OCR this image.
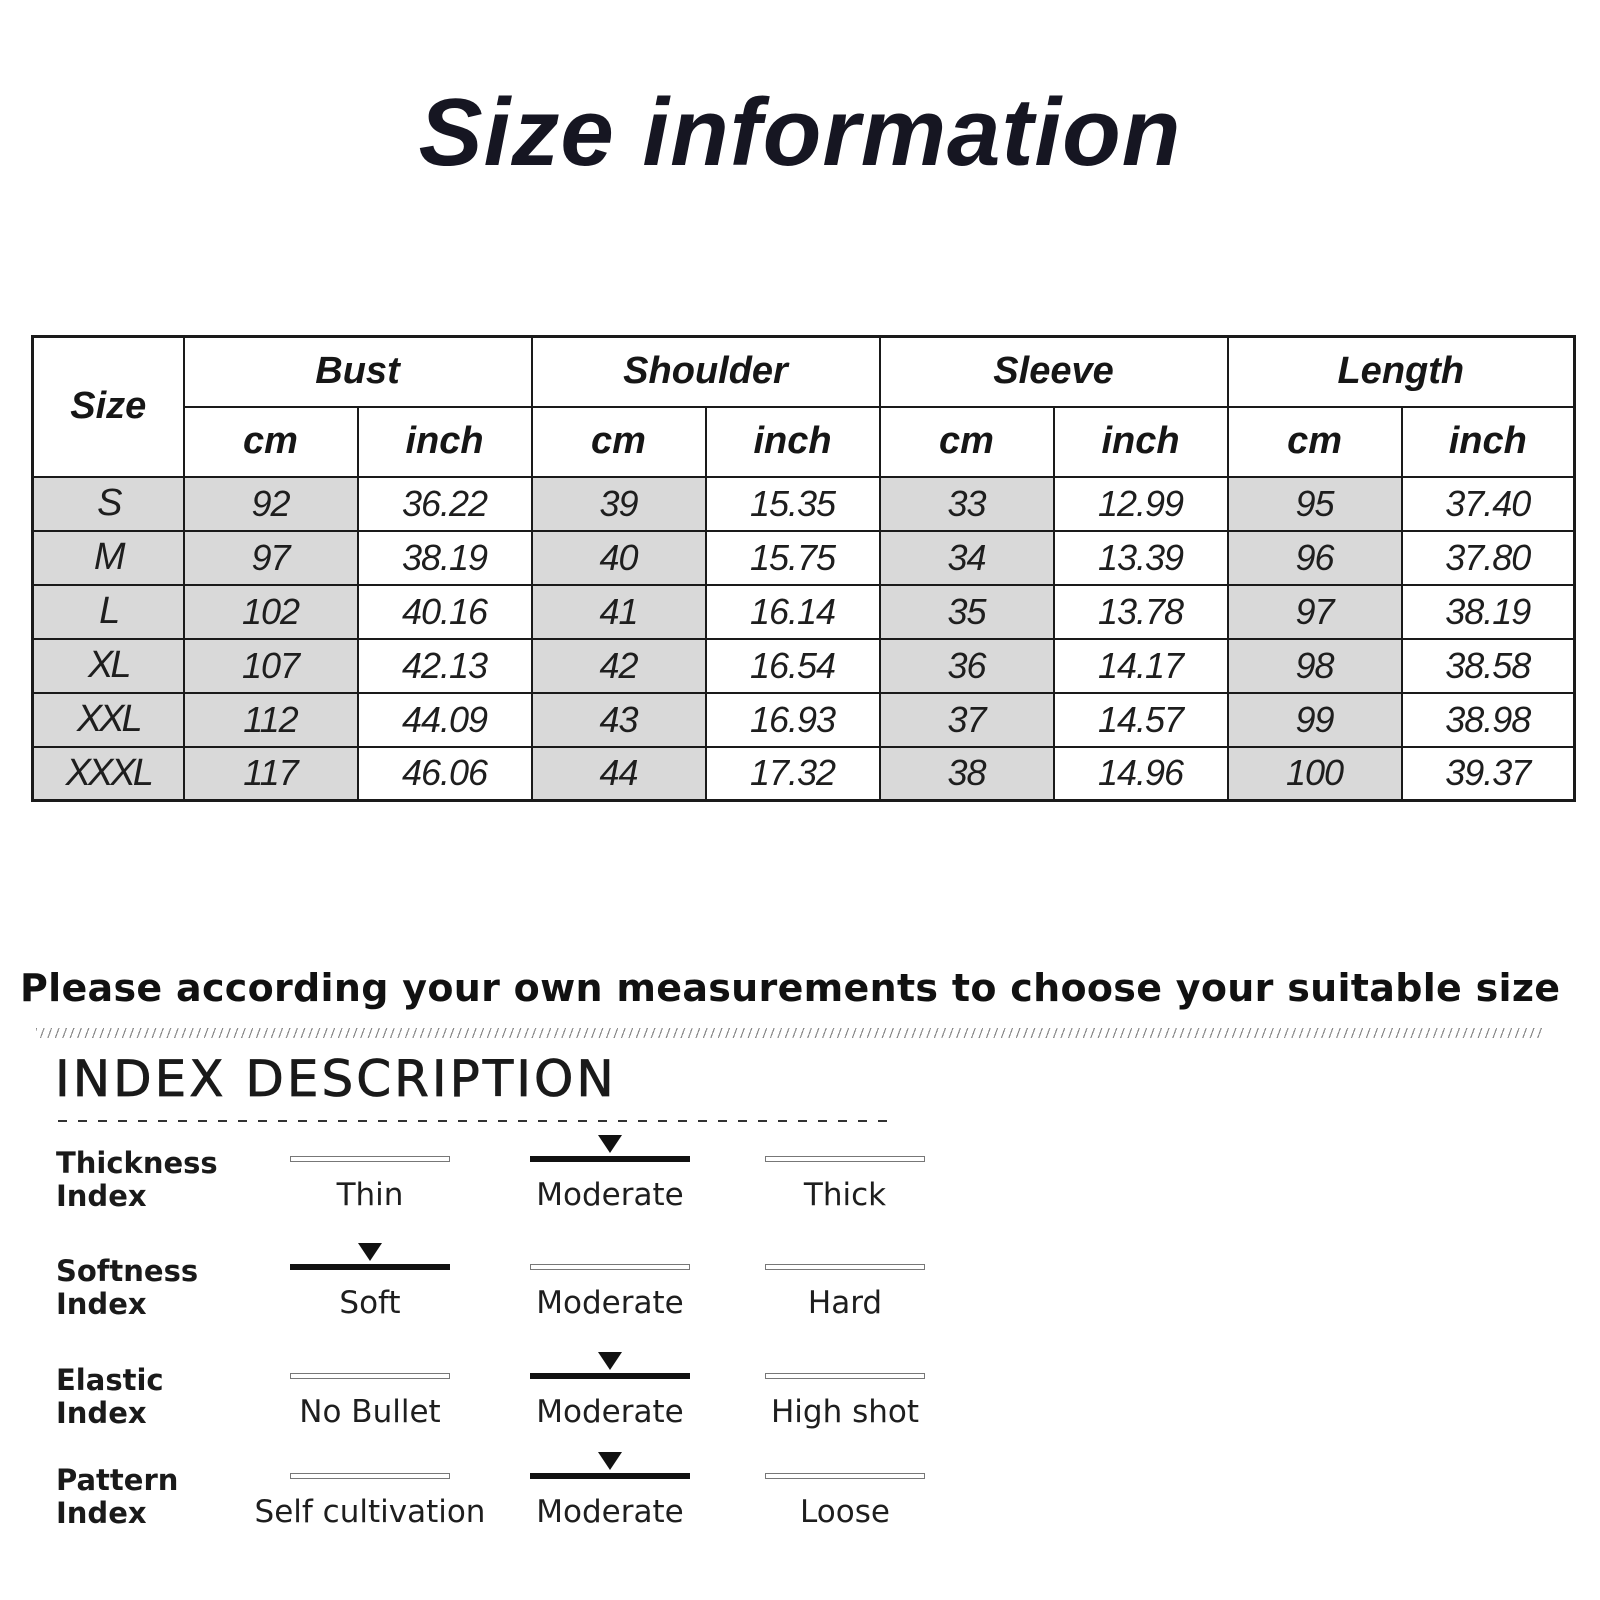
Size information
Size	Bust		Shoulder		Sleeve		Length	
	cm	inch	cm	inch	cm	inch	cm	inch
S	92	36.22	39	15.35	33	12.99	95	37.40
M	97	38.19	40	15.75	34	13.39	96	37.80
L	102	40.16	41	16.14	35	13.78	97	38.19
XL	107	42.13	42	16.54	36	14.17	98	38.58
XXL	112	44.09	43	16.93	37	14.57	99	38.98
XXXL	117	46.06	44	17.32	38	14.96	100	39.37
Please according your own measurements to choose your suitable size
INDEX DESCRIPTION
Thickness
Index	Thin	Moderate	Thick
Softness
Index	Soft	Moderate	Hard
Elastic
Index	No Bullet	Moderate	High shot
Pattern
Index	Self cultivation	Moderate	Loose
